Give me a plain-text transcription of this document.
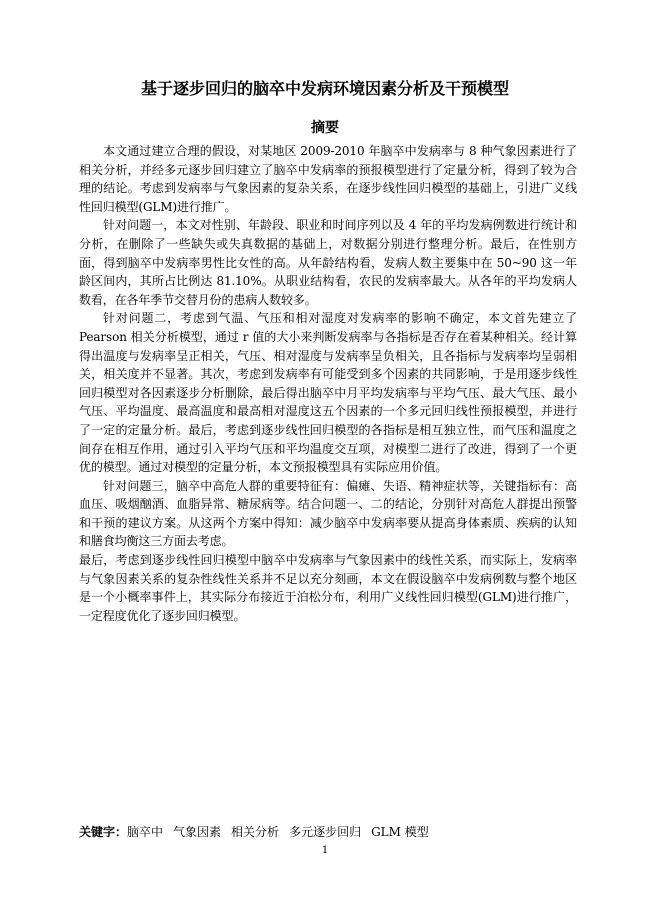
基于逐步回归的脑卒中发病环境因素分析及干预模型
摘要

本文通过建立合理的假设，对某地区 2009-2010 年脑卒中发病率与 8 种气象因素进行了相关分析，并经多元逐步回归建立了脑卒中发病率的预报模型进行了定量分析，得到了较为合理的结论。考虑到发病率与气象因素的复杂关系，在逐步线性回归模型的基础上，引进广义线性回归模型(GLM)进行推广。

针对问题一，本文对性别、年龄段、职业和时间序列以及 4 年的平均发病例数进行统计和分析，在删除了一些缺失或失真数据的基础上，对数据分别进行整理分析。最后，在性别方面，得到脑卒中发病率男性比女性的高。从年龄结构看，发病人数主要集中在 50~90 这一年龄区间内，其所占比例达 81.10%。从职业结构看，农民的发病率最大。从各年的平均发病人数看，在各年季节交替月份的患病人数较多。

针对问题二，考虑到气温、气压和相对湿度对发病率的影响不确定，本文首先建立了 Pearson 相关分析模型，通过 r 值的大小来判断发病率与各指标是否存在着某种相关。经计算得出温度与发病率呈正相关，气压、相对湿度与发病率呈负相关，且各指标与发病率均呈弱相关，相关度并不显著。其次，考虑到发病率有可能受到多个因素的共同影响，于是用逐步线性回归模型对各因素逐步分析删除，最后得出脑卒中月平均发病率与平均气压、最大气压、最小气压、平均温度、最高温度和最高相对湿度这五个因素的一个多元回归线性预报模型，并进行了一定的定量分析。最后，考虑到逐步线性回归模型的各指标是相互独立性，而气压和温度之间存在相互作用，通过引入平均气压和平均温度交互项，对模型二进行了改进，得到了一个更优的模型。通过对模型的定量分析，本文预报模型具有实际应用价值。

针对问题三，脑卒中高危人群的重要特征有：偏瘫、失语、精神症状等，关键指标有：高血压、吸烟酗酒、血脂异常、糖尿病等。结合问题一、二的结论，分别针对高危人群提出预警和干预的建议方案。从这两个方案中得知：减少脑卒中发病率要从提高身体素质、疾病的认知和膳食均衡这三方面去考虑。

最后，考虑到逐步线性回归模型中脑卒中发病率与气象因素中的线性关系，而实际上，发病率与气象因素关系的复杂性线性关系并不足以充分刻画，本文在假设脑卒中发病例数与整个地区是一个小概率事件上，其实际分布接近于泊松分布，利用广义线性回归模型(GLM)进行推广，一定程度优化了逐步回归模型。

关键字：脑卒中 气象因素 相关分析 多元逐步回归 GLM 模型
1
